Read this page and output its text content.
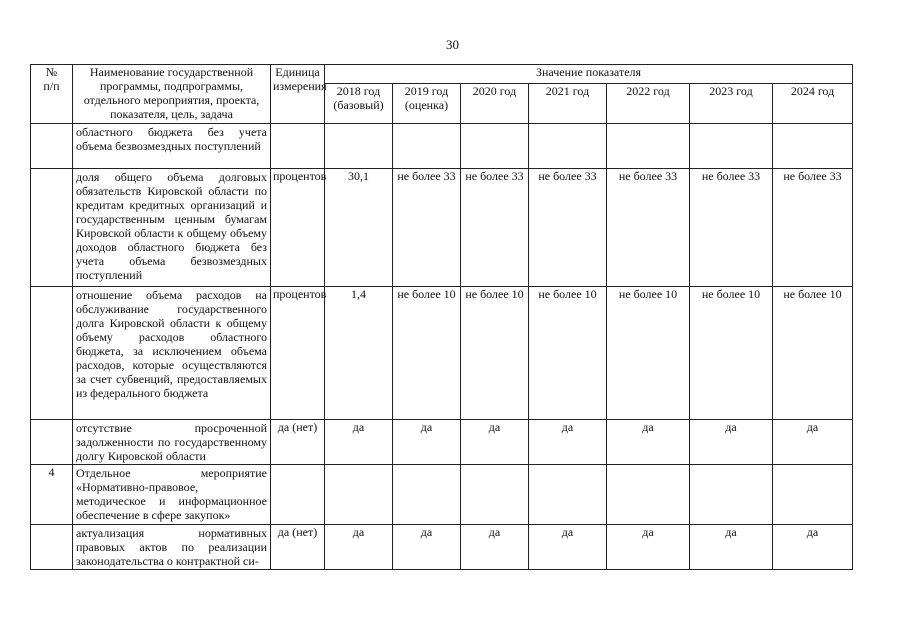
30
№
п/п	Наименование государственной программы, подпрограммы, отдельного мероприятия, проекта, показателя, цель, задача	Единица измерения	Значение показателя						
			2018 год (базовый)	2019 год (оценка)	2020 год	2021 год	2022 год	2023 год	2024 год
	областного бюджета без учета объема безвозмездных поступлений								
	доля общего объема долговых обязательств Кировской области по кредитам кредитных организаций и государственным ценным бумагам Кировской области к общему объему доходов областного бюджета без учета объема безвозмездных поступлений	процентов	30,1	не более 33	не более 33	не более 33	не более 33	не более 33	не более 33
	отношение объема расходов на обслуживание государственного долга Кировской области к общему объему расходов областного бюджета, за исключением объема расходов, которые осуществляются за счет субвенций, предоставляемых из федерального бюджета	процентов	1,4	не более 10	не более 10	не более 10	не более 10	не более 10	не более 10
	отсутствие просроченной задолженности по государственному долгу Кировской области	да (нет)	да	да	да	да	да	да	да
4	Отдельное мероприятие «Нормативно-правовое, методическое и информационное обеспечение в сфере закупок»								
	актуализация нормативных правовых актов по реализации законодательства о контрактной си-	да (нет)	да	да	да	да	да	да	да
